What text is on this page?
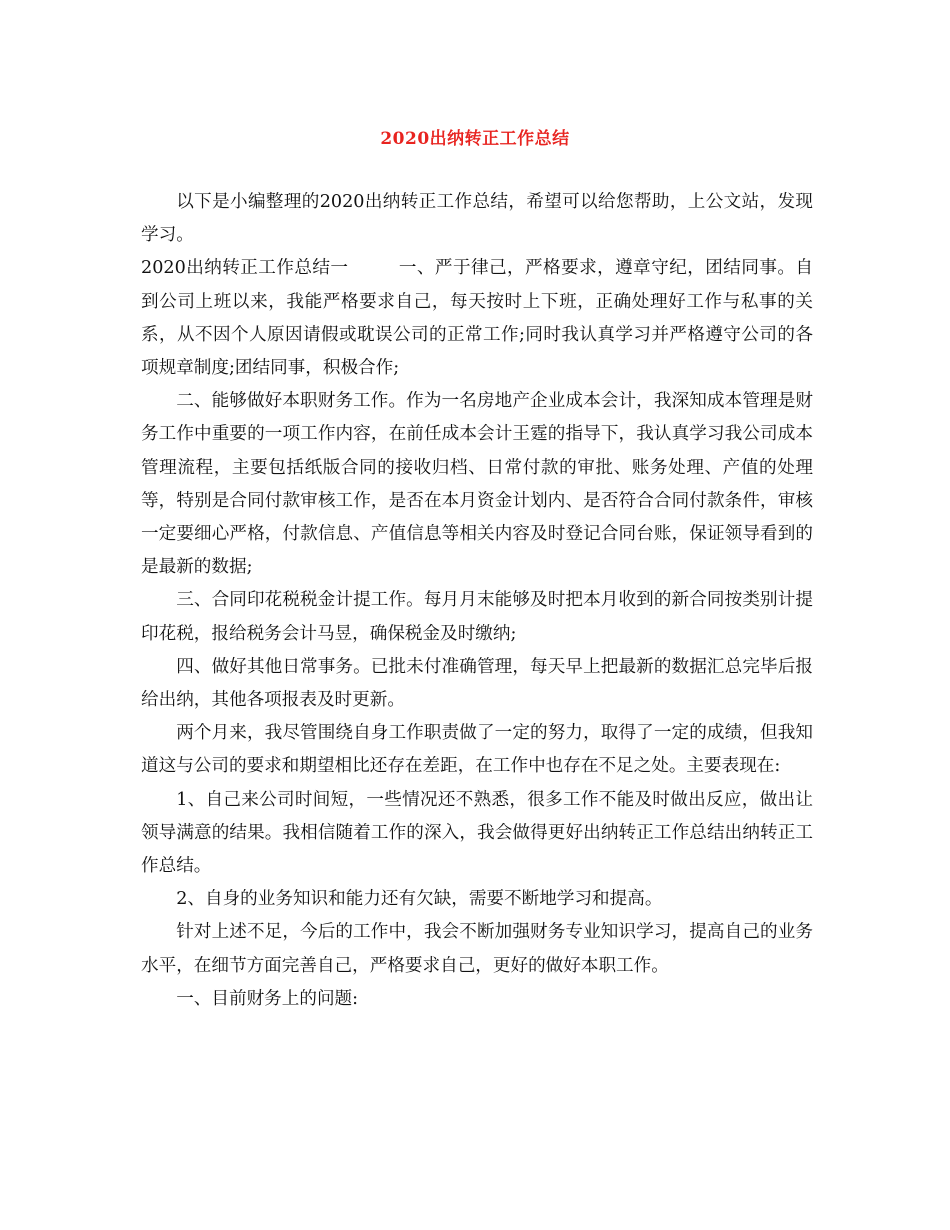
2020出纳转正工作总结

以下是小编整理的2020出纳转正工作总结，希望可以给您帮助，上公文站，发现学习。

2020出纳转正工作总结一	一、严于律己，严格要求，遵章守纪，团结同事。自到公司上班以来，我能严格要求自己，每天按时上下班，正确处理好工作与私事的关系，从不因个人原因请假或耽误公司的正常工作;同时我认真学习并严格遵守公司的各项规章制度;团结同事，积极合作;

二、能够做好本职财务工作。作为一名房地产企业成本会计，我深知成本管理是财务工作中重要的一项工作内容，在前任成本会计王霆的指导下，我认真学习我公司成本管理流程，主要包括纸版合同的接收归档、日常付款的审批、账务处理、产值的处理等，特别是合同付款审核工作，是否在本月资金计划内、是否符合合同付款条件，审核一定要细心严格，付款信息、产值信息等相关内容及时登记合同台账，保证领导看到的是最新的数据;

三、合同印花税税金计提工作。每月月末能够及时把本月收到的新合同按类别计提印花税，报给税务会计马昱，确保税金及时缴纳;

四、做好其他日常事务。已批未付准确管理，每天早上把最新的数据汇总完毕后报给出纳，其他各项报表及时更新。

两个月来，我尽管围绕自身工作职责做了一定的努力，取得了一定的成绩，但我知道这与公司的要求和期望相比还存在差距，在工作中也存在不足之处。主要表现在:

1、自己来公司时间短，一些情况还不熟悉，很多工作不能及时做出反应，做出让领导满意的结果。我相信随着工作的深入，我会做得更好出纳转正工作总结出纳转正工作总结。

2、自身的业务知识和能力还有欠缺，需要不断地学习和提高。

针对上述不足，今后的工作中，我会不断加强财务专业知识学习，提高自己的业务水平，在细节方面完善自己，严格要求自己，更好的做好本职工作。

一、目前财务上的问题:
